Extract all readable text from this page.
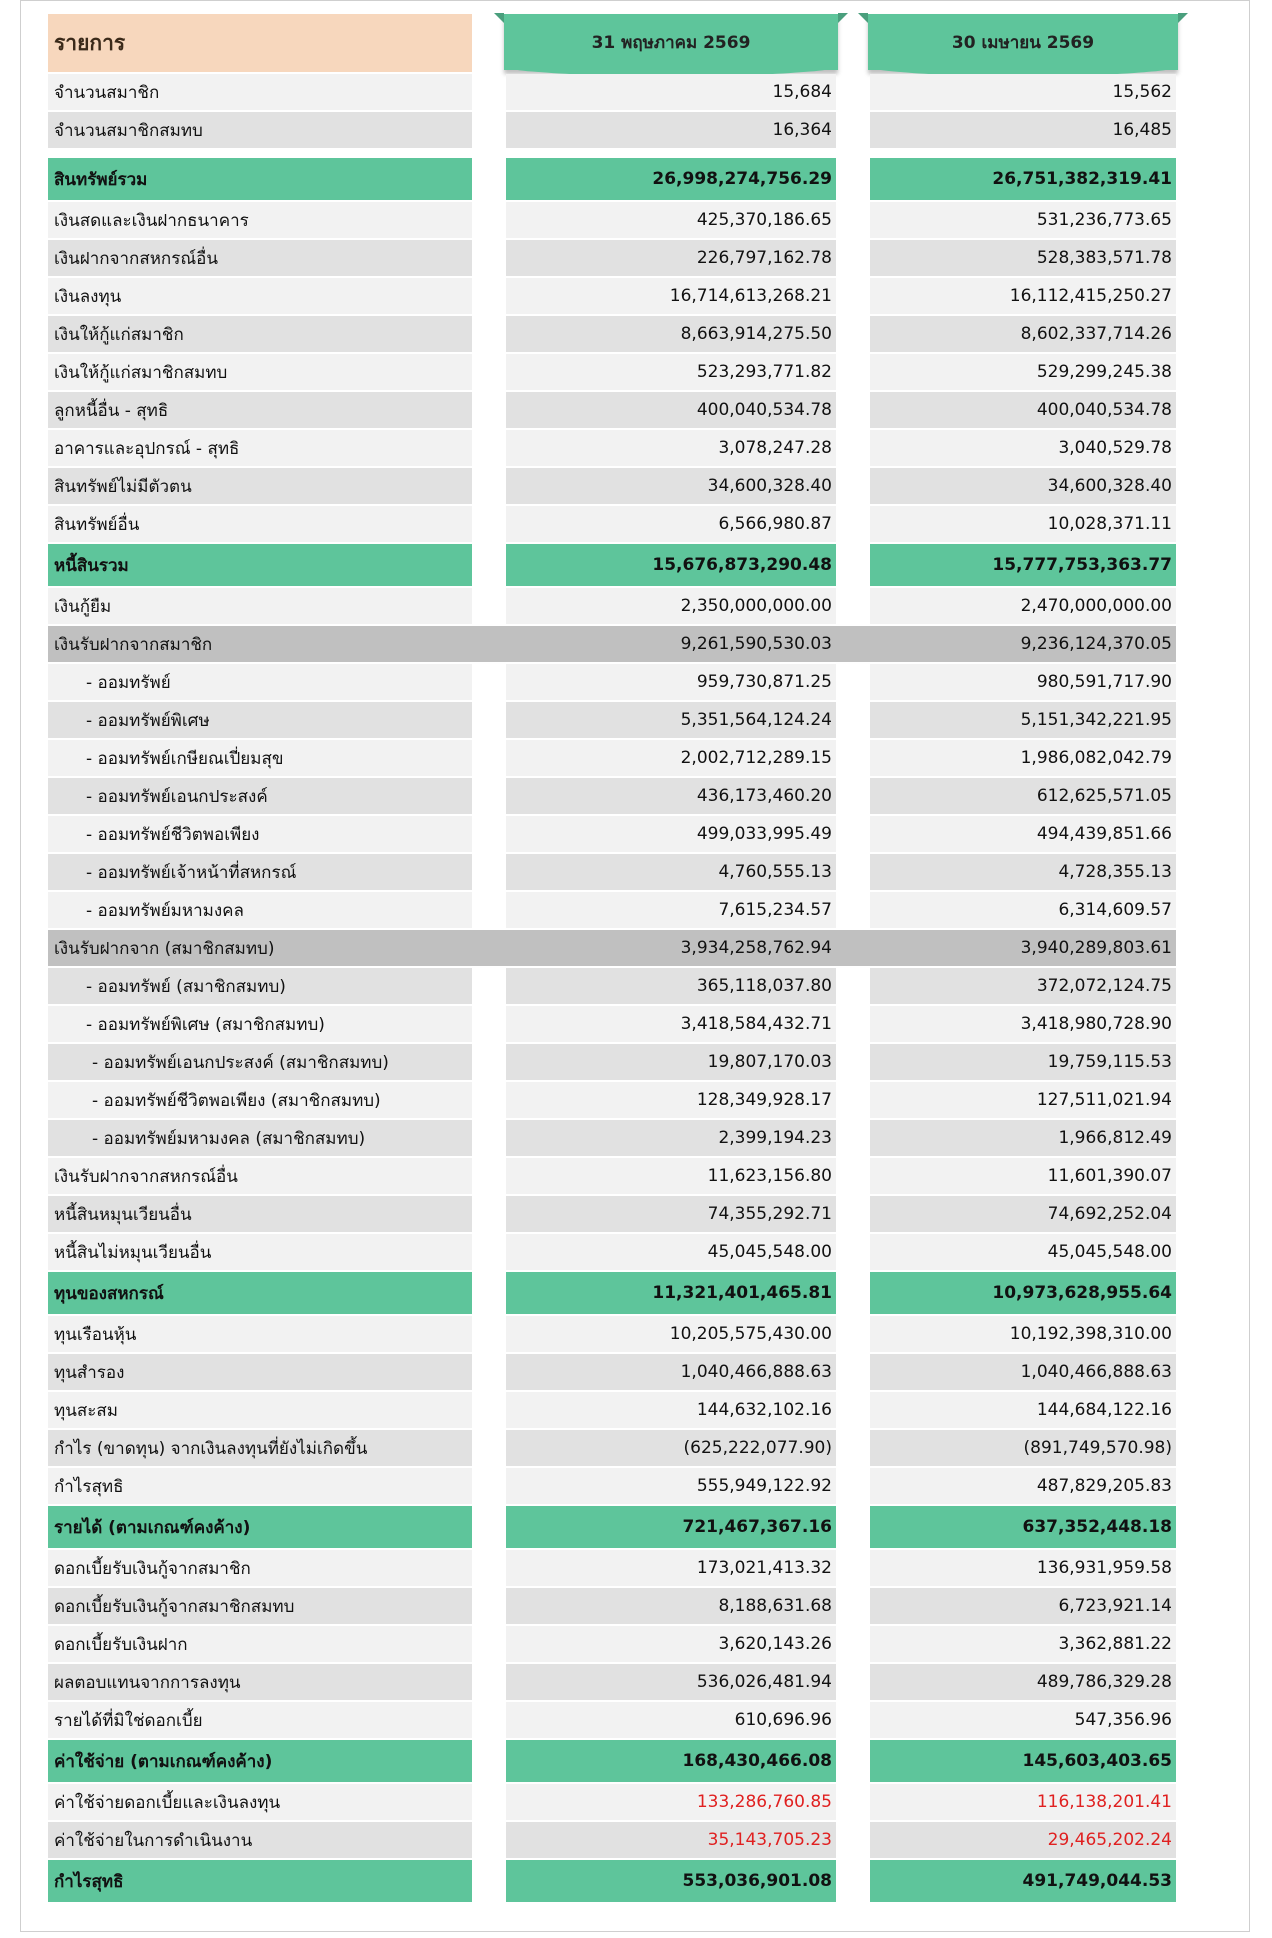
รายการ	31 พฤษภาคม 2569	30 เมษายน 2569
จำนวนสมาชิก	15,684	15,562
จำนวนสมาชิกสมทบ	16,364	16,485
สินทรัพย์รวม	26,998,274,756.29	26,751,382,319.41
เงินสดและเงินฝากธนาคาร	425,370,186.65	531,236,773.65
เงินฝากจากสหกรณ์อื่น	226,797,162.78	528,383,571.78
เงินลงทุน	16,714,613,268.21	16,112,415,250.27
เงินให้กู้แก่สมาชิก	8,663,914,275.50	8,602,337,714.26
เงินให้กู้แก่สมาชิกสมทบ	523,293,771.82	529,299,245.38
ลูกหนี้อื่น - สุทธิ	400,040,534.78	400,040,534.78
อาคารและอุปกรณ์ - สุทธิ	3,078,247.28	3,040,529.78
สินทรัพย์ไม่มีตัวตน	34,600,328.40	34,600,328.40
สินทรัพย์อื่น	6,566,980.87	10,028,371.11
หนี้สินรวม	15,676,873,290.48	15,777,753,363.77
เงินกู้ยืม	2,350,000,000.00	2,470,000,000.00
เงินรับฝากจากสมาชิก	9,261,590,530.03	9,236,124,370.05
- ออมทรัพย์	959,730,871.25	980,591,717.90
- ออมทรัพย์พิเศษ	5,351,564,124.24	5,151,342,221.95
- ออมทรัพย์เกษียณเปี่ยมสุข	2,002,712,289.15	1,986,082,042.79
- ออมทรัพย์เอนกประสงค์	436,173,460.20	612,625,571.05
- ออมทรัพย์ชีวิตพอเพียง	499,033,995.49	494,439,851.66
- ออมทรัพย์เจ้าหน้าที่สหกรณ์	4,760,555.13	4,728,355.13
- ออมทรัพย์มหามงคล	7,615,234.57	6,314,609.57
เงินรับฝากจาก (สมาชิกสมทบ)	3,934,258,762.94	3,940,289,803.61
- ออมทรัพย์ (สมาชิกสมทบ)	365,118,037.80	372,072,124.75
- ออมทรัพย์พิเศษ (สมาชิกสมทบ)	3,418,584,432.71	3,418,980,728.90
- ออมทรัพย์เอนกประสงค์ (สมาชิกสมทบ)	19,807,170.03	19,759,115.53
- ออมทรัพย์ชีวิตพอเพียง (สมาชิกสมทบ)	128,349,928.17	127,511,021.94
- ออมทรัพย์มหามงคล (สมาชิกสมทบ)	2,399,194.23	1,966,812.49
เงินรับฝากจากสหกรณ์อื่น	11,623,156.80	11,601,390.07
หนี้สินหมุนเวียนอื่น	74,355,292.71	74,692,252.04
หนี้สินไม่หมุนเวียนอื่น	45,045,548.00	45,045,548.00
ทุนของสหกรณ์	11,321,401,465.81	10,973,628,955.64
ทุนเรือนหุ้น	10,205,575,430.00	10,192,398,310.00
ทุนสำรอง	1,040,466,888.63	1,040,466,888.63
ทุนสะสม	144,632,102.16	144,684,122.16
กำไร (ขาดทุน) จากเงินลงทุนที่ยังไม่เกิดขึ้น	(625,222,077.90)	(891,749,570.98)
กำไรสุทธิ	555,949,122.92	487,829,205.83
รายได้ (ตามเกณฑ์คงค้าง)	721,467,367.16	637,352,448.18
ดอกเบี้ยรับเงินกู้จากสมาชิก	173,021,413.32	136,931,959.58
ดอกเบี้ยรับเงินกู้จากสมาชิกสมทบ	8,188,631.68	6,723,921.14
ดอกเบี้ยรับเงินฝาก	3,620,143.26	3,362,881.22
ผลตอบแทนจากการลงทุน	536,026,481.94	489,786,329.28
รายได้ที่มิใช่ดอกเบี้ย	610,696.96	547,356.96
ค่าใช้จ่าย (ตามเกณฑ์คงค้าง)	168,430,466.08	145,603,403.65
ค่าใช้จ่ายดอกเบี้ยและเงินลงทุน	133,286,760.85	116,138,201.41
ค่าใช้จ่ายในการดำเนินงาน	35,143,705.23	29,465,202.24
กำไรสุทธิ	553,036,901.08	491,749,044.53
